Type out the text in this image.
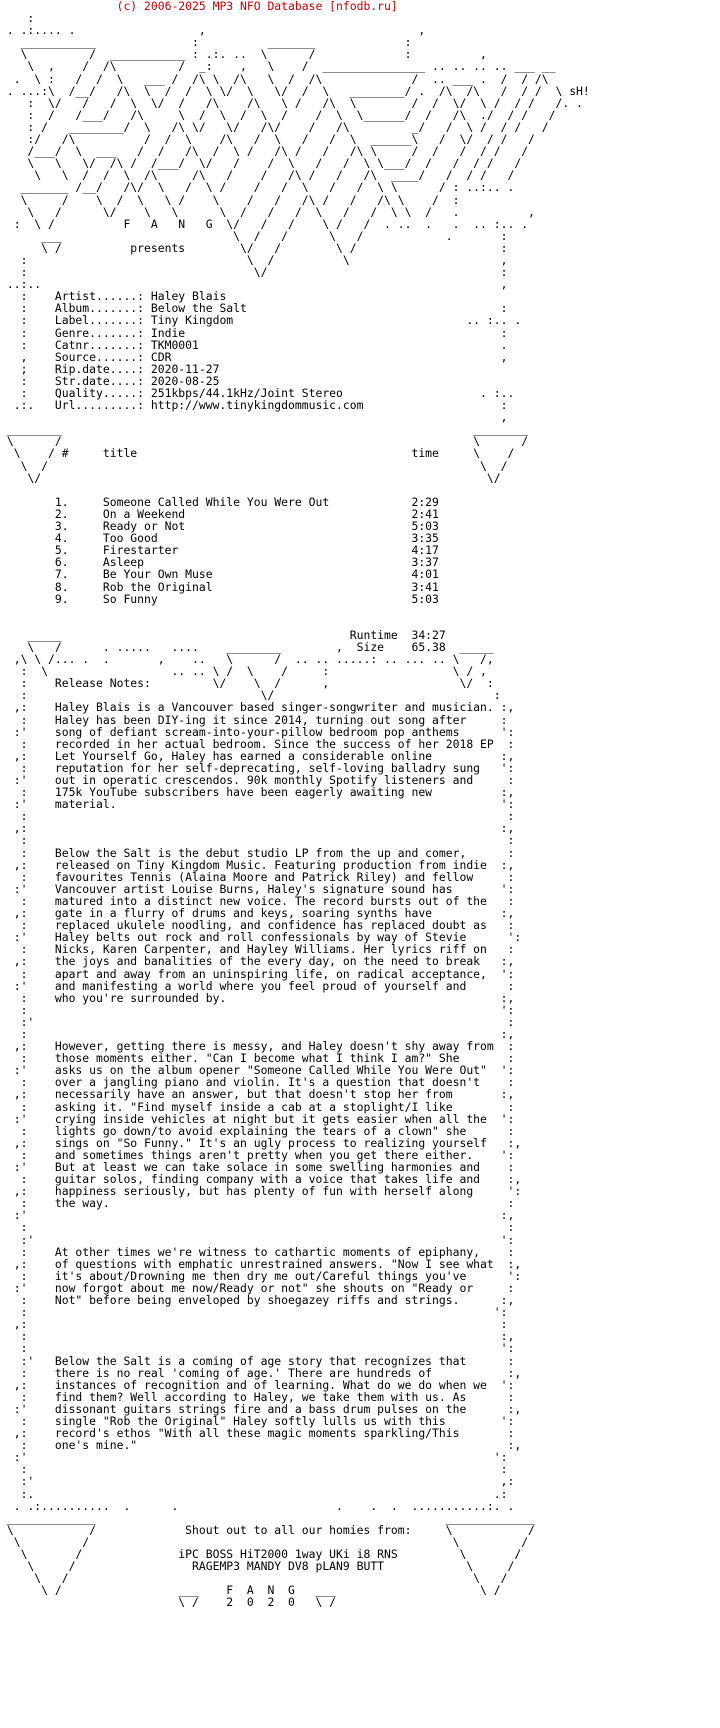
(c) 2006-2025 MP3 NFO Database [nfodb.ru]
:
. .:.... .                  ,                               ,
___________              :          _______             :
\         /  ___________ : .:. ..  \      /             :          ,
\  ,    /  /\         /  _:    ,   \    /  _______________ .. .. .. .. ___ __
.  \ :   /  /  \   ___ /  /\ \  /\   \  /  /\             /  .. ___ .  /  / /\
. ...:\  /__/   /\  \  /  /  \ \/  \   \/  /  \   ________/ .  /\  /\   /  / /  \ sH!
:  \/   /   /  \  \/  /   /\    /\   \ /   /\  \        /  /  \/  \ /  / /   /. .
:  /   /___/   /\     \  /  \  /  \  /    /  \  \______/  /   /\  ./  / /   /
: /   ________/  \   /\ \/   \/   /\/    /   /\         _/   /  \ /  / /   /
:/   /\          /  /  \    /\   /  \   /   /  \  ______\   /  \/  / /   /
/___/  \  ___   /  /   /\  /  \ /   /\ /   /   /\ \     /  /   /  / /   /
\   \   \/  /\ /  /___/  \/   /    /  \   /   /  \ \___/  /   /  / /   /
\   \  /  /  \  /\     /\   /    /   /\ /   /   /\  ____/   /  / /   /
_______ /__/   /\/  \   /  \ /    /   /  \   /   /  \ \      / : ..:.. .
\     /    \  /  \   \ /    \    /   /   /\ /   /   /\ \    /  :
\   /      \/    \   \      \  /   /   /  \   /   /  \ \  /   .          ,
:  \ /          F   A   N   G  \/   /   /    \ /   /  . ..  .   .  .. :.. .
___                         \  /   /      \   /            .       :
\ /          presents        \/   /        \ /                     :
:                                \  /          \                      ,
:                                 \/                                  :
..:..                                                                   ,
:    Artist......: Haley Blais
:    Album.......: Below the Salt                                     :
:    Label.......: Tiny Kingdom                                  .. :.. .
:    Genre.......: Indie                                              :
:    Catnr.......: TKM0001                                            .
,    Source......: CDR                                                ,
;    Rip.date....: 2020-11-27
:    Str.date....: 2020-08-25
:    Quality.....: 251kbps/44.1kHz/Joint Stereo                    . :..
.:.   Url.........: http://www.tinykingdommusic.com                    :
,
________                                                            ________
\      /                                                            \      /
\    / #     title                                        time     \    /
\  /                                                               \  /
\/                                                                 \/

1.     Someone Called While You Were Out            2:29
2.     On a Weekend                                 2:41
3.     Ready or Not                                 5:03
4.     Too Good                                     3:35
5.     Firestarter                                  4:17
6.     Asleep                                       3:37
7.     Be Your Own Muse                             4:01
8.     Rob the Original                             3:41
9.     So Funny                                     5:03

_____                                          Runtime  34:27
\   /      . .....   ....    ________        ,  Size    65.38  _____
,\ \ /... .  .       ,    ..   \      /  .. .. .....: .. ... .. \   /,
:  \                  .. .. \ /  \    /     :                  \ / ,
:    Release Notes:         \/    \  /      ,                   \/  :
:                                  \/                                :
,:    Haley Blais is a Vancouver based singer-songwriter and musician. :,
:    Haley has been DIY-ing it since 2014, turning out song after     :
:'    song of defiant scream-into-your-pillow bedroom pop anthems      ':
:    recorded in her actual bedroom. Since the success of her 2018 EP  :
,:    Let Yourself Go, Haley has earned a considerable online          :,
:    reputation for her self-deprecating, self-loving balladry sung   ':
:'    out in operatic crescendos. 90k monthly Spotify listeners and     :
:    175k YouTube subscribers have been eagerly awaiting new          :,
:'    material.                                                        ':
:                                                                      :
,:                                                                     :,
:                                                                      :
:    Below the Salt is the debut studio LP from the up and comer,      :
,:    released on Tiny Kingdom Music. Featuring production from indie  :,
:    favourites Tennis (Alaina Moore and Patrick Riley) and fellow     :
:'    Vancouver artist Louise Burns, Haley's signature sound has       ':
:    matured into a distinct new voice. The record bursts out of the   :
,:    gate in a flurry of drums and keys, soaring synths have          :,
:    replaced ukulele noodling, and confidence has replaced doubt as   :
:'    Haley belts out rock and roll confessionals by way of Stevie      ':
:    Nicks, Karen Carpenter, and Hayley Williams. Her lyrics riff on   :
,:    the joys and banalities of the every day, on the need to break   :,
:    apart and away from an uninspiring life, on radical acceptance,  ':
:'    and manifesting a world where you feel proud of yourself and      :
:    who you're surrounded by.                                        :,
:                                                                     ':
:'                                                                     :
:                                                                     :,
,:    However, getting there is messy, and Haley doesn't shy away from  :
:    those moments either. "Can I become what I think I am?" She       :
:'    asks us on the album opener "Someone Called While You Were Out"  ':
:    over a jangling piano and violin. It's a question that doesn't    :
,:    necessarily have an answer, but that doesn't stop her from       :,
:    asking it. "Find myself inside a cab at a stoplight/I like        :
:'    crying inside vehicles at night but it gets easier when all the  ':
:    lights go down/to avoid explaining the tears of a clown" she      :
,:    sings on "So Funny." It's an ugly process to realizing yourself   :,
:    and sometimes things aren't pretty when you get there either.    ':
:'    But at least we can take solace in some swelling harmonies and    :
:    guitar solos, finding company with a voice that takes life and    :,
,:    happiness seriously, but has plenty of fun with herself along     ':
:    the way.                                                          :
:'                                                                     :,
:                                                                      :
:'                                                                    ':
:    At other times we're witness to cathartic moments of epiphany,    :
,:    of questions with emphatic unrestrained answers. "Now I see what  :,
:    it's about/Drowning me then dry me out/Careful things you've      ':
:'    now forgot about me now/Ready or not" she shouts on "Ready or     :
:    Not" before being enveloped by shoegazey riffs and strings.      :,
:                                                                    ':
,:                                                                     :
:                                                                     :,
:                                                                     ':
:'   Below the Salt is a coming of age story that recognizes that      :
:    there is no real 'coming of age.' There are hundreds of           :,
,:    instances of recognition and of learning. What do we do when we  ':
:    find them? Well according to Haley, we take them with us. As      :
:'    dissonant guitars strings fire and a bass drum pulses on the      :,
:    single "Rob the Original" Haley softly lulls us with this        ':
,:    record's ethos "With all these magic moments sparkling/This       :
:    one's mine."                                                      :,
:'                                                                    ':
:                                                                     :
:'                                                                    ,:
:.                                                                   .:
. .:..........  .      .                       .    .  .  ...........:. .
_____________                                                   _____________
\           /             Shout out to all our homies from:     \           /
\         /                                                     \         /
\       /              iPC BOSS HiT2000 1way UKi i8 RNS         \       /
\     /                 RAGEMP3 MANDY DV8 pLAN9 BUTT            \     /
\   /                                                           \   /
\ /                 ___    F  A  N  G   ___                     \ /
\ /    2  0  2  0   \ /
